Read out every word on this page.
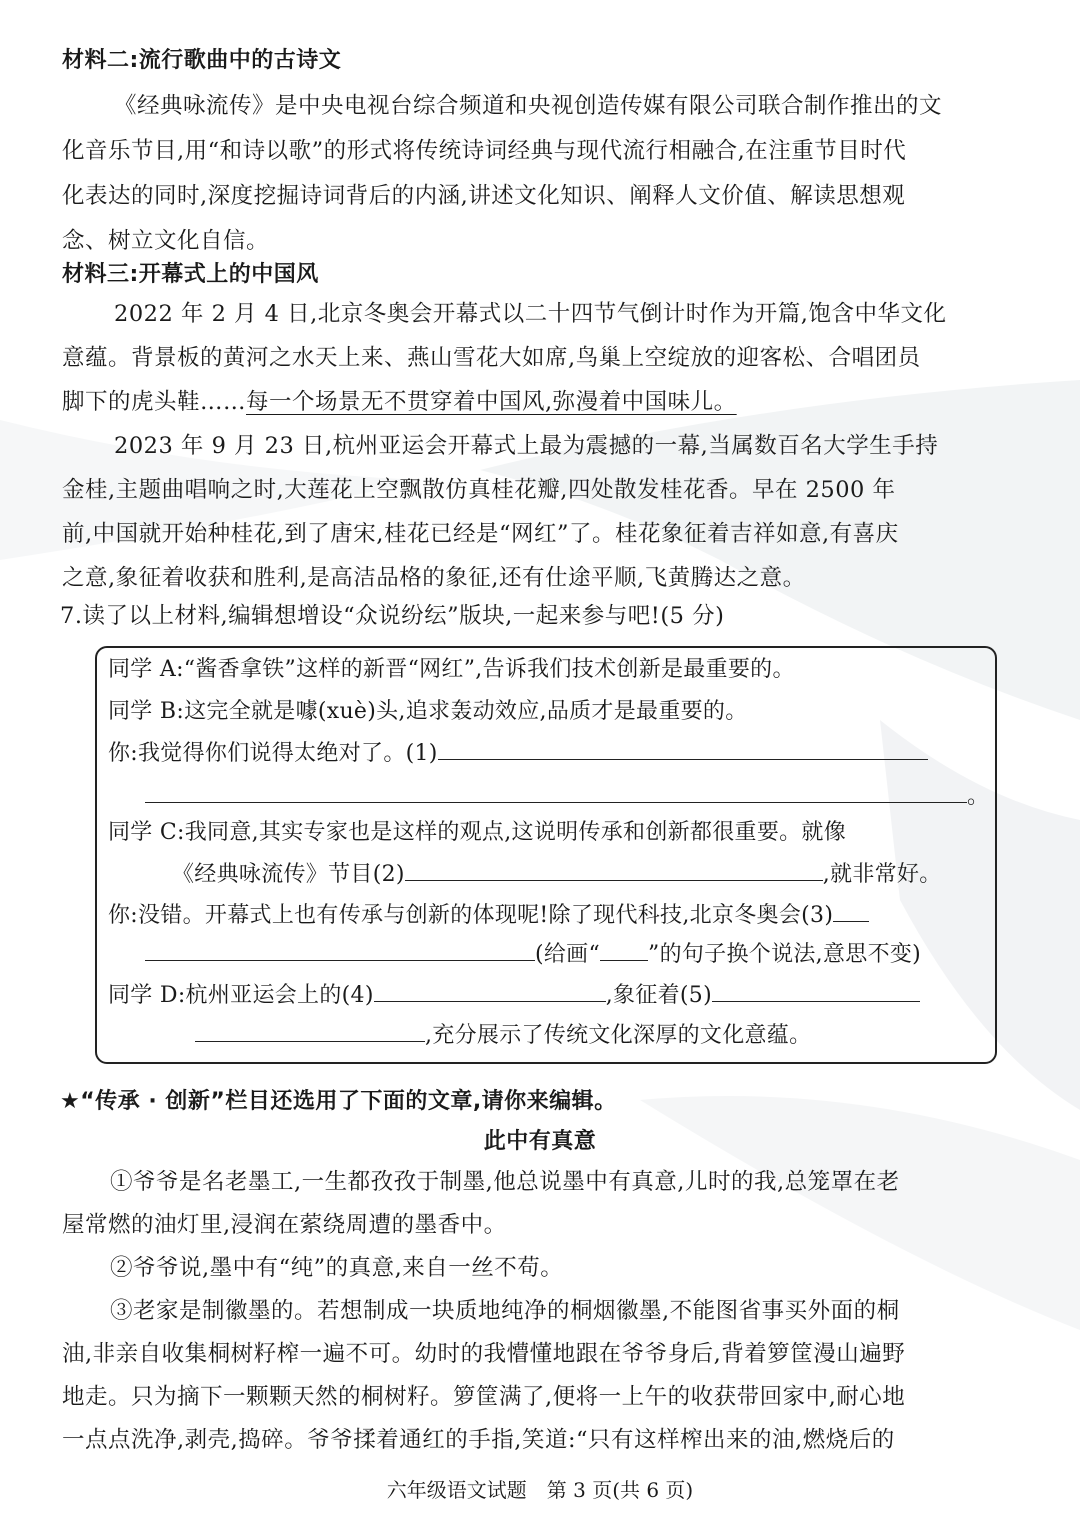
材料二:流行歌曲中的古诗文
《经典咏流传》是中央电视台综合频道和央视创造传媒有限公司联合制作推出的文
化音乐节目,用“和诗以歌”的形式将传统诗词经典与现代流行相融合,在注重节目时代
化表达的同时,深度挖掘诗词背后的内涵,讲述文化知识、阐释人文价值、解读思想观
念、树立文化自信。
材料三:开幕式上的中国风
2022 年 2 月 4 日,北京冬奥会开幕式以二十四节气倒计时作为开篇,饱含中华文化
意蕴。背景板的黄河之水天上来、燕山雪花大如席,鸟巢上空绽放的迎客松、合唱团员
脚下的虎头鞋……每一个场景无不贯穿着中国风,弥漫着中国味儿。
2023 年 9 月 23 日,杭州亚运会开幕式上最为震撼的一幕,当属数百名大学生手持
金桂,主题曲唱响之时,大莲花上空飘散仿真桂花瓣,四处散发桂花香。早在 2500 年
前,中国就开始种桂花,到了唐宋,桂花已经是“网红”了。桂花象征着吉祥如意,有喜庆
之意,象征着收获和胜利,是高洁品格的象征,还有仕途平顺,飞黄腾达之意。
7.读了以上材料,编辑想增设“众说纷纭”版块,一起来参与吧!(5 分)
同学 A:“酱香拿铁”这样的新晋“网红”,告诉我们技术创新是最重要的。
同学 B:这完全就是噱(xuè)头,追求轰动效应,品质才是最重要的。
你:我觉得你们说得太绝对了。(1)
。
同学 C:我同意,其实专家也是这样的观点,这说明传承和创新都很重要。就像
《经典咏流传》节目(2)	,就非常好。
你:没错。开幕式上也有传承与创新的体现呢!除了现代科技,北京冬奥会(3)
(给画“ ”的句子换个说法,意思不变)
同学 D:杭州亚运会上的(4)	,象征着(5)
,充分展示了传统文化深厚的文化意蕴。
★“传承 · 创新”栏目还选用了下面的文章,请你来编辑。
此中有真意
①爷爷是名老墨工,一生都孜孜于制墨,他总说墨中有真意,儿时的我,总笼罩在老
屋常燃的油灯里,浸润在萦绕周遭的墨香中。
②爷爷说,墨中有“纯”的真意,来自一丝不苟。
③老家是制徽墨的。若想制成一块质地纯净的桐烟徽墨,不能图省事买外面的桐
油,非亲自收集桐树籽榨一遍不可。幼时的我懵懂地跟在爷爷身后,背着箩筐漫山遍野
地走。只为摘下一颗颗天然的桐树籽。箩筐满了,便将一上午的收获带回家中,耐心地
一点点洗净,剥壳,捣碎。爷爷揉着通红的手指,笑道:“只有这样榨出来的油,燃烧后的
六年级语文试题　第 3 页(共 6 页)
